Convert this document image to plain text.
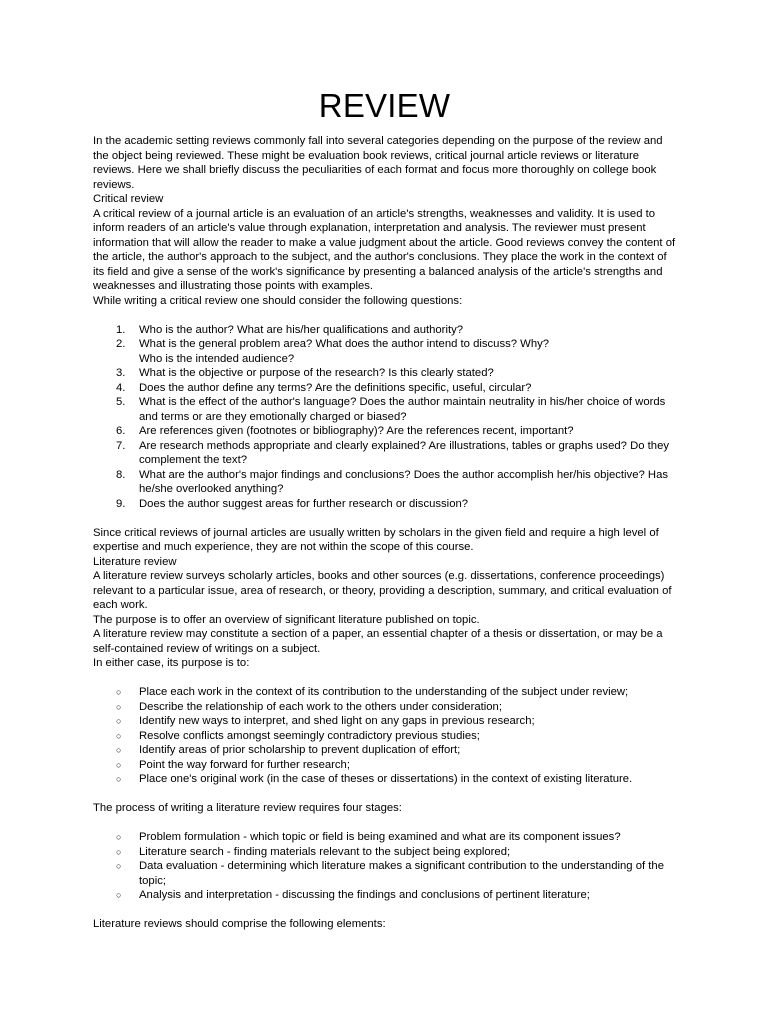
REVIEW

In the academic setting reviews commonly fall into several categories depending on the purpose of the review and the object being reviewed. These might be evaluation book reviews, critical journal article reviews or literature reviews. Here we shall briefly discuss the peculiarities of each format and focus more thoroughly on college book reviews.

Critical review

A critical review of a journal article is an evaluation of an article's strengths, weaknesses and validity. It is used to inform readers of an article's value through explanation, interpretation and analysis. The reviewer must present information that will allow the reader to make a value judgment about the article. Good reviews convey the content of the article, the author's approach to the subject, and the author's conclusions. They place the work in the context of its field and give a sense of the work's significance by presenting a balanced analysis of the article's strengths and weaknesses and illustrating those points with examples.

While writing a critical review one should consider the following questions:

Who is the author? What are his/her qualifications and authority?
What is the general problem area? What does the author intend to discuss? Why? Who is the intended audience?
What is the objective or purpose of the research? Is this clearly stated?
Does the author define any terms? Are the definitions specific, useful, circular?
What is the effect of the author's language? Does the author maintain neutrality in his/her choice of words and terms or are they emotionally charged or biased?
Are references given (footnotes or bibliography)? Are the references recent, important?
Are research methods appropriate and clearly explained? Are illustrations, tables or graphs used? Do they complement the text?
What are the author's major findings and conclusions? Does the author accomplish her/his objective? Has he/she overlooked anything?
Does the author suggest areas for further research or discussion?

Since critical reviews of journal articles are usually written by scholars in the given field and require a high level of expertise and much experience, they are not within the scope of this course.

Literature review

A literature review surveys scholarly articles, books and other sources (e.g. dissertations, conference proceedings) relevant to a particular issue, area of research, or theory, providing a description, summary, and critical evaluation of each work.

The purpose is to offer an overview of significant literature published on topic.

A literature review may constitute a section of a paper, an essential chapter of a thesis or dissertation, or may be a self-contained review of writings on a subject.

In either case, its purpose is to:

○ Place each work in the context of its contribution to the understanding of the subject under review;
○ Describe the relationship of each work to the others under consideration;
○ Identify new ways to interpret, and shed light on any gaps in previous research;
○ Resolve conflicts amongst seemingly contradictory previous studies;
○ Identify areas of prior scholarship to prevent duplication of effort;
○ Point the way forward for further research;
○ Place one's original work (in the case of theses or dissertations) in the context of existing literature.

The process of writing a literature review requires four stages:

○ Problem formulation - which topic or field is being examined and what are its component issues?
○ Literature search - finding materials relevant to the subject being explored;
○ Data evaluation - determining which literature makes a significant contribution to the understanding of the topic;
○ Analysis and interpretation - discussing the findings and conclusions of pertinent literature;

Literature reviews should comprise the following elements:
